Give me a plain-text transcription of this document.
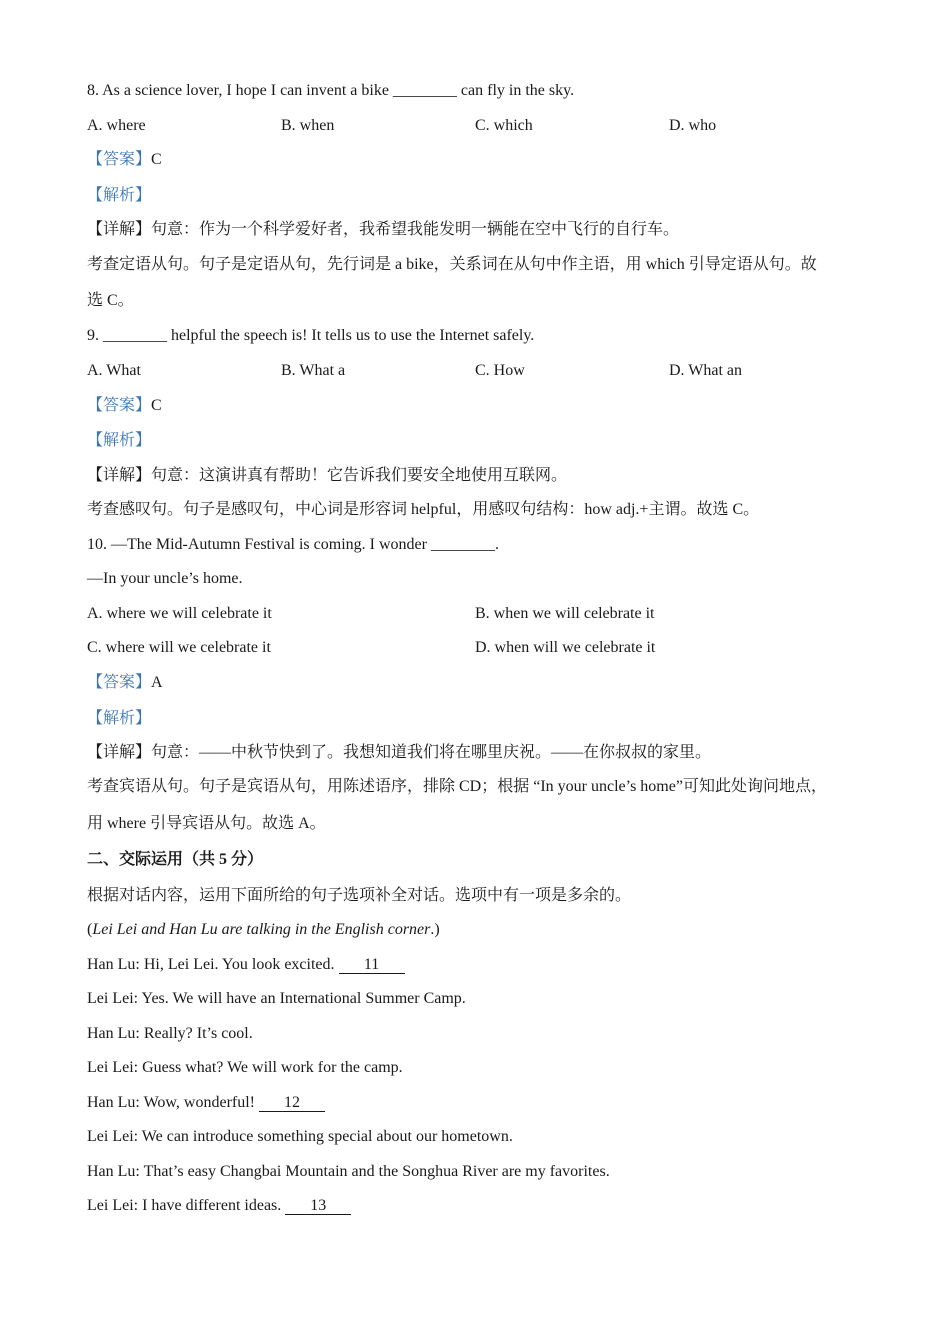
8. As a science lover, I hope I can invent a bike ________ can fly in the sky.
A. where	B. when	C. which	D. who
【答案】C
【解析】
【详解】句意：作为一个科学爱好者，我希望我能发明一辆能在空中飞行的自行车。
考查定语从句。句子是定语从句，先行词是 a bike，关系词在从句中作主语，用 which 引导定语从句。故
选 C。
9. ________ helpful the speech is! It tells us to use the Internet safely.
A. What	B. What a	C. How	D. What an
【答案】C
【解析】
【详解】句意：这演讲真有帮助！它告诉我们要安全地使用互联网。
考查感叹句。句子是感叹句，中心词是形容词 helpful，用感叹句结构：how adj.+主谓。故选 C。
10. —The Mid-Autumn Festival is coming. I wonder ________.
—In your uncle’s home.
A. where we will celebrate it	B. when we will celebrate it
C. where will we celebrate it	D. when will we celebrate it
【答案】A
【解析】
【详解】句意：——中秋节快到了。我想知道我们将在哪里庆祝。——在你叔叔的家里。
考查宾语从句。句子是宾语从句，用陈述语序，排除 CD；根据 “In your uncle’s home”可知此处询问地点，
用 where 引导宾语从句。故选 A。
二、交际运用（共 5 分）
根据对话内容，运用下面所给的句子选项补全对话。选项中有一项是多余的。
(Lei Lei and Han Lu are talking in the English corner.)
Han Lu: Hi, Lei Lei. You look excited. 11
Lei Lei: Yes. We will have an International Summer Camp.
Han Lu: Really? It’s cool.
Lei Lei: Guess what? We will work for the camp.
Han Lu: Wow, wonderful! 12
Lei Lei: We can introduce something special about our hometown.
Han Lu: That’s easy Changbai Mountain and the Songhua River are my favorites.
Lei Lei: I have different ideas. 13
